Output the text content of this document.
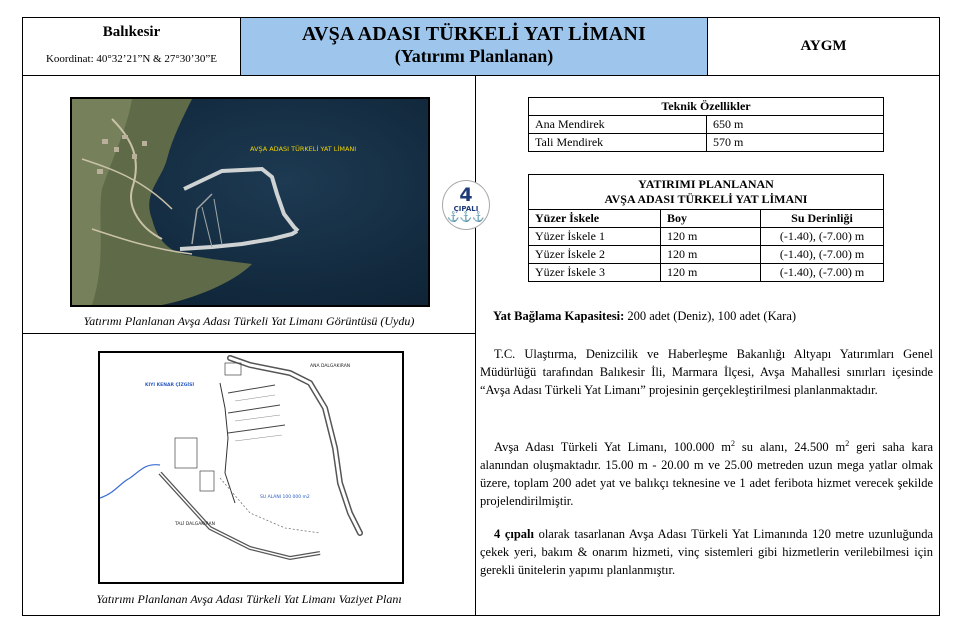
Balıkesir
Koordinat: 40°32’21”N & 27°30’30”E
AVŞA ADASI TÜRKELİ YAT LİMANI
(Yatırımı Planlanan)	AYGM
AVŞA ADASI TÜRKELİ YAT LİMANI
Yatırımı Planlanan Avşa Adası Türkeli Yat Limanı Görüntüsü (Uydu)
ANA DALGAKIRAN
KIYI KENAR ÇİZGİSİ
TALİ DALGAKIRAN
SU ALANI 100 000 m2
Yatırımı Planlanan Avşa Adası Türkeli Yat Limanı Vaziyet Planı
4
ÇIPALI
⚓⚓⚓
Teknik Özellikler	
Ana Mendirek	650 m
Tali Mendirek	570 m
YATIRIMI PLANLANAN
AVŞA ADASI TÜRKELİ YAT LİMANI		

Yüzer İskele	Boy	Su Derinliği
Yüzer İskele 1	120 m	(-1.40), (-7.00) m
Yüzer İskele 2	120 m	(-1.40), (-7.00) m
Yüzer İskele 3	120 m	(-1.40), (-7.00) m
Yat Bağlama Kapasitesi: 200 adet (Deniz), 100 adet (Kara)
T.C. Ulaştırma, Denizcilik ve Haberleşme Bakanlığı Altyapı Yatırımları Genel Müdürlüğü tarafından Balıkesir İli, Marmara İlçesi, Avşa Mahallesi sınırları içesinde “Avşa Adası Türkeli Yat Limanı” projesinin gerçekleştirilmesi planlanmaktadır.
Avşa Adası Türkeli Yat Limanı, 100.000 $m^2$ su alanı, 24.500 $m^2$ geri saha kara alanından oluşmaktadır. 15.00 m - 20.00 m ve 25.00 metreden uzun mega yatlar olmak üzere, toplam 200 adet yat ve balıkçı teknesine ve 1 adet feribota hizmet verecek şekilde projelendirilmiştir.
4 çıpalı olarak tasarlanan Avşa Adası Türkeli Yat Limanında 120 metre uzunluğunda çekek yeri, bakım & onarım hizmeti, vinç sistemleri gibi hizmetlerin verilebilmesi için gerekli ünitelerin yapımı planlanmıştır.
